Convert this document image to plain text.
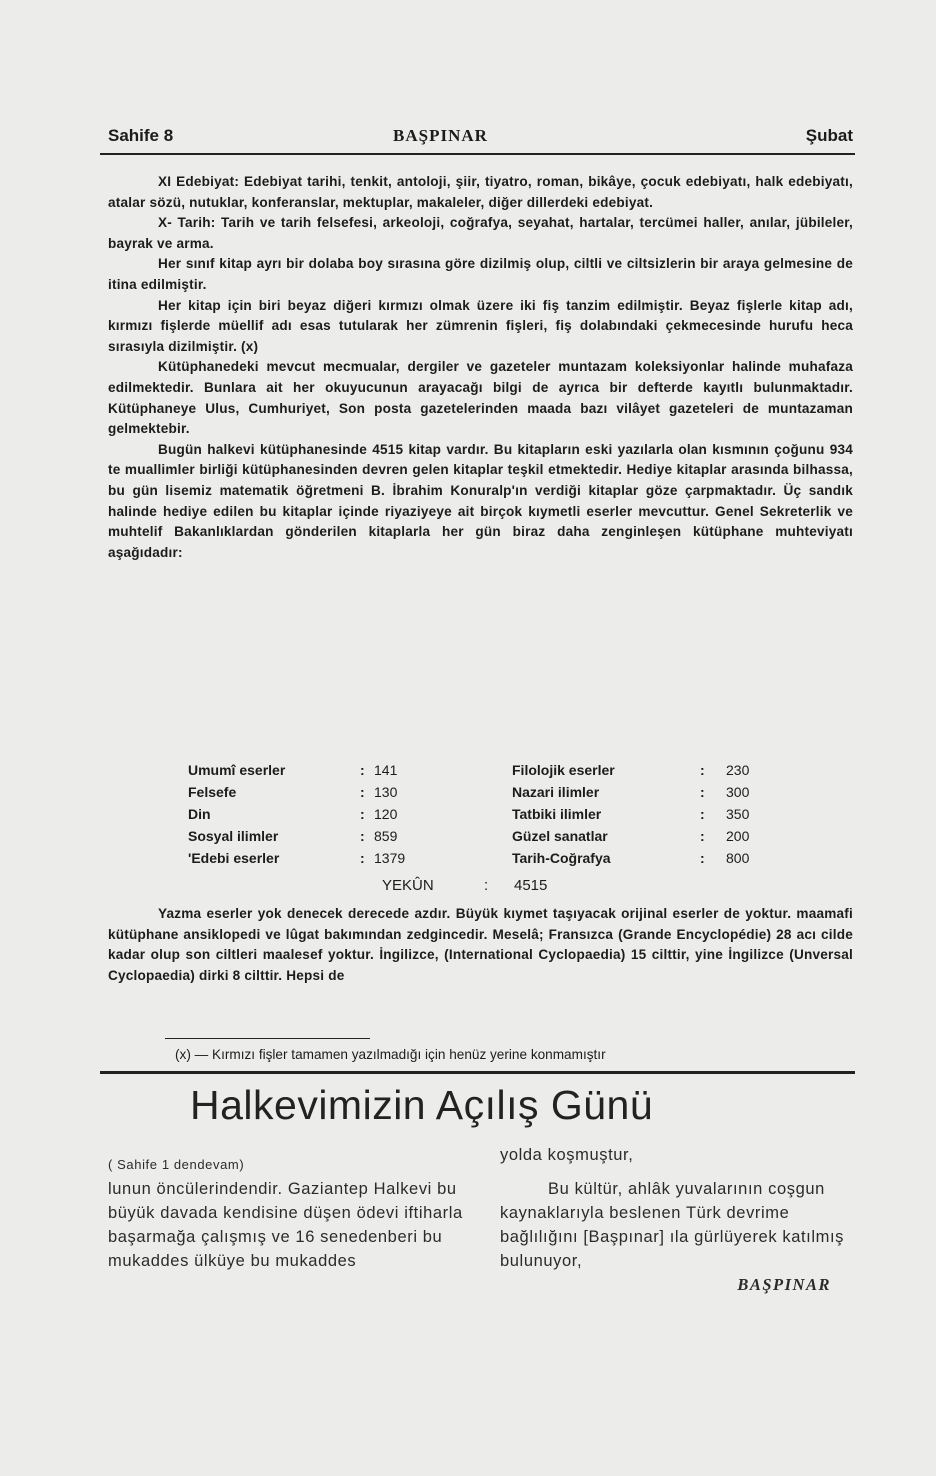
Sahife 8	BAŞPINAR	Şubat

XI Edebiyat: Edebiyat tarihi, tenkit, antoloji, şiir, tiyatro, roman, bikâye, çocuk edebiyatı, halk edebiyatı, atalar sözü, nutuklar, konferanslar, mektuplar, makaleler, diğer dillerdeki edebiyat.

X- Tarih: Tarih ve tarih felsefesi, arkeoloji, coğrafya, seyahat, hartalar, tercümei haller, anılar, jübileler, bayrak ve arma.

Her sınıf kitap ayrı bir dolaba boy sırasına göre dizilmiş olup, ciltli ve ciltsizlerin bir araya gelmesine de itina edilmiştir.

Her kitap için biri beyaz diğeri kırmızı olmak üzere iki fiş tanzim edilmiştir. Beyaz fişlerle kitap adı, kırmızı fişlerde müellif adı esas tutularak her zümrenin fişleri, fiş dolabındaki çekmecesinde hurufu heca sırasıyla dizilmiştir. (x)

Kütüphanedeki mevcut mecmualar, dergiler ve gazeteler muntazam koleksiyonlar halinde muhafaza edilmektedir. Bunlara ait her okuyucunun arayacağı bilgi de ayrıca bir defterde kayıtlı bulunmaktadır. Kütüphaneye Ulus, Cumhuriyet, Son posta gazetelerinden maada bazı vilâyet gazeteleri de muntazaman gelmektebir.

Bugün halkevi kütüphanesinde 4515 kitap vardır. Bu kitapların eski yazılarla olan kısmının çoğunu 934 te muallimler birliği kütüphanesinden devren gelen kitaplar teşkil etmektedir. Hediye kitaplar arasında bilhassa, bu gün lisemiz matematik öğretmeni B. İbrahim Konuralp'ın verdiği kitaplar göze çarpmaktadır. Üç sandık halinde hediye edilen bu kitaplar içinde riyaziyeye ait birçok kıymetli eserler mevcuttur. Genel Sekreterlik ve muhtelif Bakanlıklardan gönderilen kitaplarla her gün biraz daha zenginleşen kütüphane muhteviyatı aşağıdadır:

Umumî eserler	: 141	Filolojik eserler	: 230
Felsefe	: 130	Nazari ilimler	: 300
Din	: 120	Tatbiki ilimler	: 350
Sosyal ilimler	: 859	Güzel sanatlar	: 200
'Edebi eserler	: 1379	Tarih-Coğrafya	: 800
YEKÛN	: 4515

Yazma eserler yok denecek derecede azdır. Büyük kıymet taşıyacak orijinal eserler de yoktur. maamafi kütüphane ansiklopedi ve lûgat bakımından zedgincedir. Meselâ; Fransızca (Grande Encyclopédie) 28 acı cilde kadar olup son ciltleri maalesef yoktur. İngilizce, (International Cyclopaedia) 15 cilttir, yine İngilizce (Unversal Cyclopaedia) dirki 8 cilttir. Hepsi de

(x) — Kırmızı fişler tamamen yazılmadığı için henüz yerine konmamıştır
Halkevimizin Açılış Günü

( Sahife 1 dendevam)

lunun öncülerindendir. Gaziantep Halkevi bu büyük davada kendisine düşen ödevi iftiharla başarmağa çalışmış ve 16 senedenberi bu mukaddes ülküye bu mukaddes

yolda koşmuştur,

Bu kültür, ahlâk yuvalarının coşgun kaynaklarıyla beslenen Türk devrime bağlılığını [Başpınar] ıla gürlüyerek katılmış bulunuyor,

BAŞPINAR
